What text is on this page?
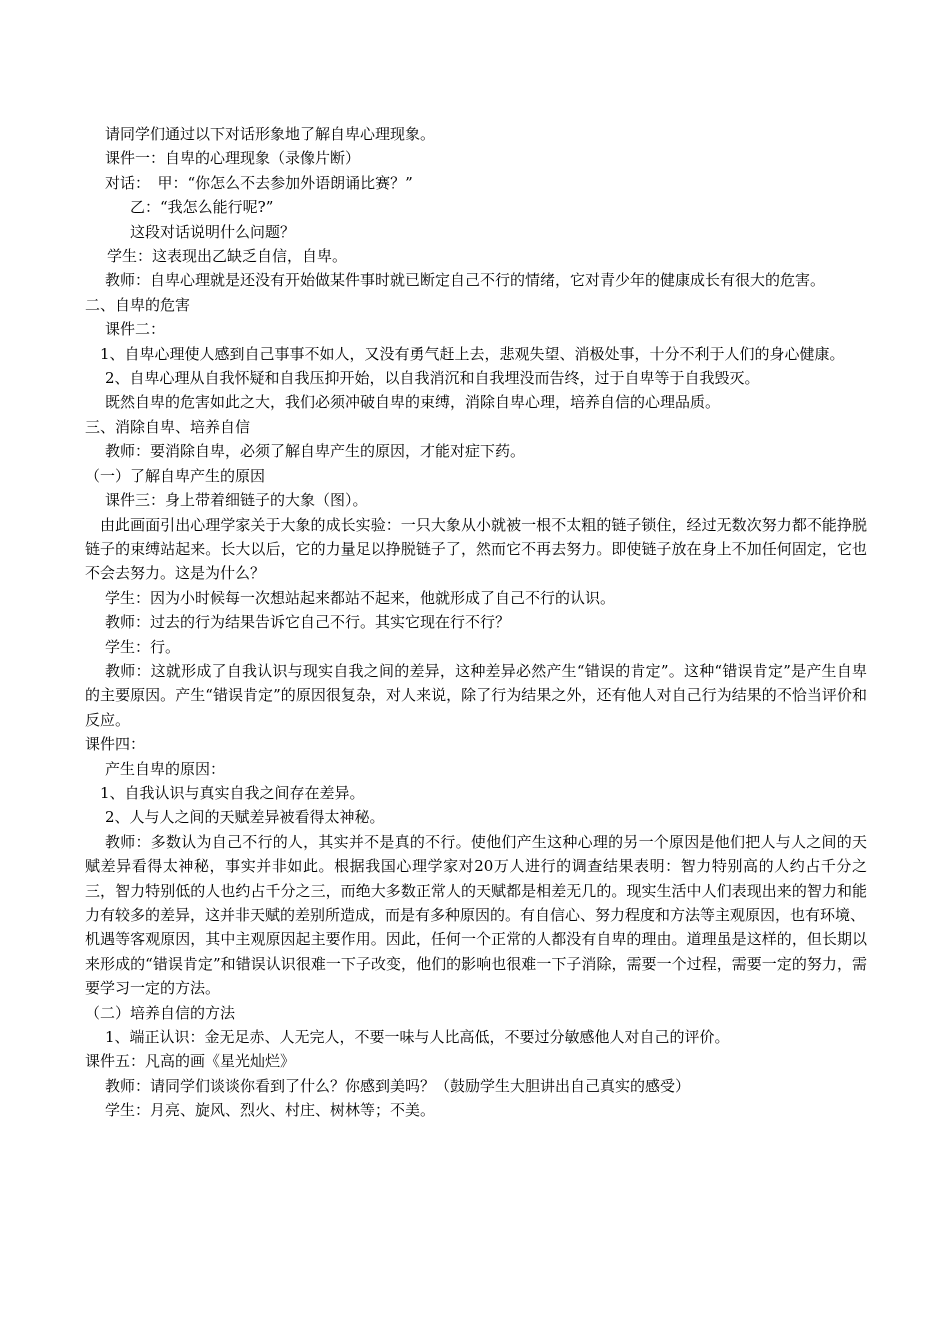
请同学们通过以下对话形象地了解自卑心理现象。

课件一：自卑的心理现象（录像片断）

对话：　甲：“你怎么不去参加外语朗诵比赛？”

乙：“我怎么能行呢?”

这段对话说明什么问题？

学生：这表现出乙缺乏自信，自卑。

教师：自卑心理就是还没有开始做某件事时就已断定自己不行的情绪，它对青少年的健康成长有很大的危害。

二、自卑的危害

课件二：

1、自卑心理使人感到自己事事不如人，又没有勇气赶上去，悲观失望、消极处事，十分不利于人们的身心健康。

2、自卑心理从自我怀疑和自我压抑开始，以自我消沉和自我埋没而告终，过于自卑等于自我毁灭。

既然自卑的危害如此之大，我们必须冲破自卑的束缚，消除自卑心理，培养自信的心理品质。

三、消除自卑、培养自信

教师：要消除自卑，必须了解自卑产生的原因，才能对症下药。

（一）了解自卑产生的原因

课件三：身上带着细链子的大象（图）。

由此画面引出心理学家关于大象的成长实验：一只大象从小就被一根不太粗的链子锁住，经过无数次努力都不能挣脱链子的束缚站起来。长大以后，它的力量足以挣脱链子了，然而它不再去努力。即使链子放在身上不加任何固定，它也不会去努力。这是为什么？

学生：因为小时候每一次想站起来都站不起来，他就形成了自己不行的认识。

教师：过去的行为结果告诉它自己不行。其实它现在行不行？

学生：行。

教师：这就形成了自我认识与现实自我之间的差异，这种差异必然产生“错误的肯定”。这种“错误肯定”是产生自卑的主要原因。产生“错误肯定”的原因很复杂，对人来说，除了行为结果之外，还有他人对自己行为结果的不恰当评价和反应。

课件四：

产生自卑的原因：

1、自我认识与真实自我之间存在差异。

2、人与人之间的天赋差异被看得太神秘。

教师：多数认为自己不行的人，其实并不是真的不行。使他们产生这种心理的另一个原因是他们把人与人之间的天赋差异看得太神秘，事实并非如此。根据我国心理学家对20万人进行的调查结果表明：智力特别高的人约占千分之三，智力特别低的人也约占千分之三，而绝大多数正常人的天赋都是相差无几的。现实生活中人们表现出来的智力和能力有较多的差异，这并非天赋的差别所造成，而是有多种原因的。有自信心、努力程度和方法等主观原因，也有环境、

机遇等客观原因，其中主观原因起主要作用。因此，任何一个正常的人都没有自卑的理由。道理虽是这样的，但长期以来形成的“错误肯定”和错误认识很难一下子改变，他们的影响也很难一下子消除，需要一个过程，需要一定的努力，需要学习一定的方法。

（二）培养自信的方法

1、端正认识：金无足赤、人无完人，不要一味与人比高低，不要过分敏感他人对自己的评价。

课件五：凡高的画《星光灿烂》

教师：请同学们谈谈你看到了什么？你感到美吗？（鼓励学生大胆讲出自己真实的感受）

学生：月亮、旋风、烈火、村庄、树林等；不美。
